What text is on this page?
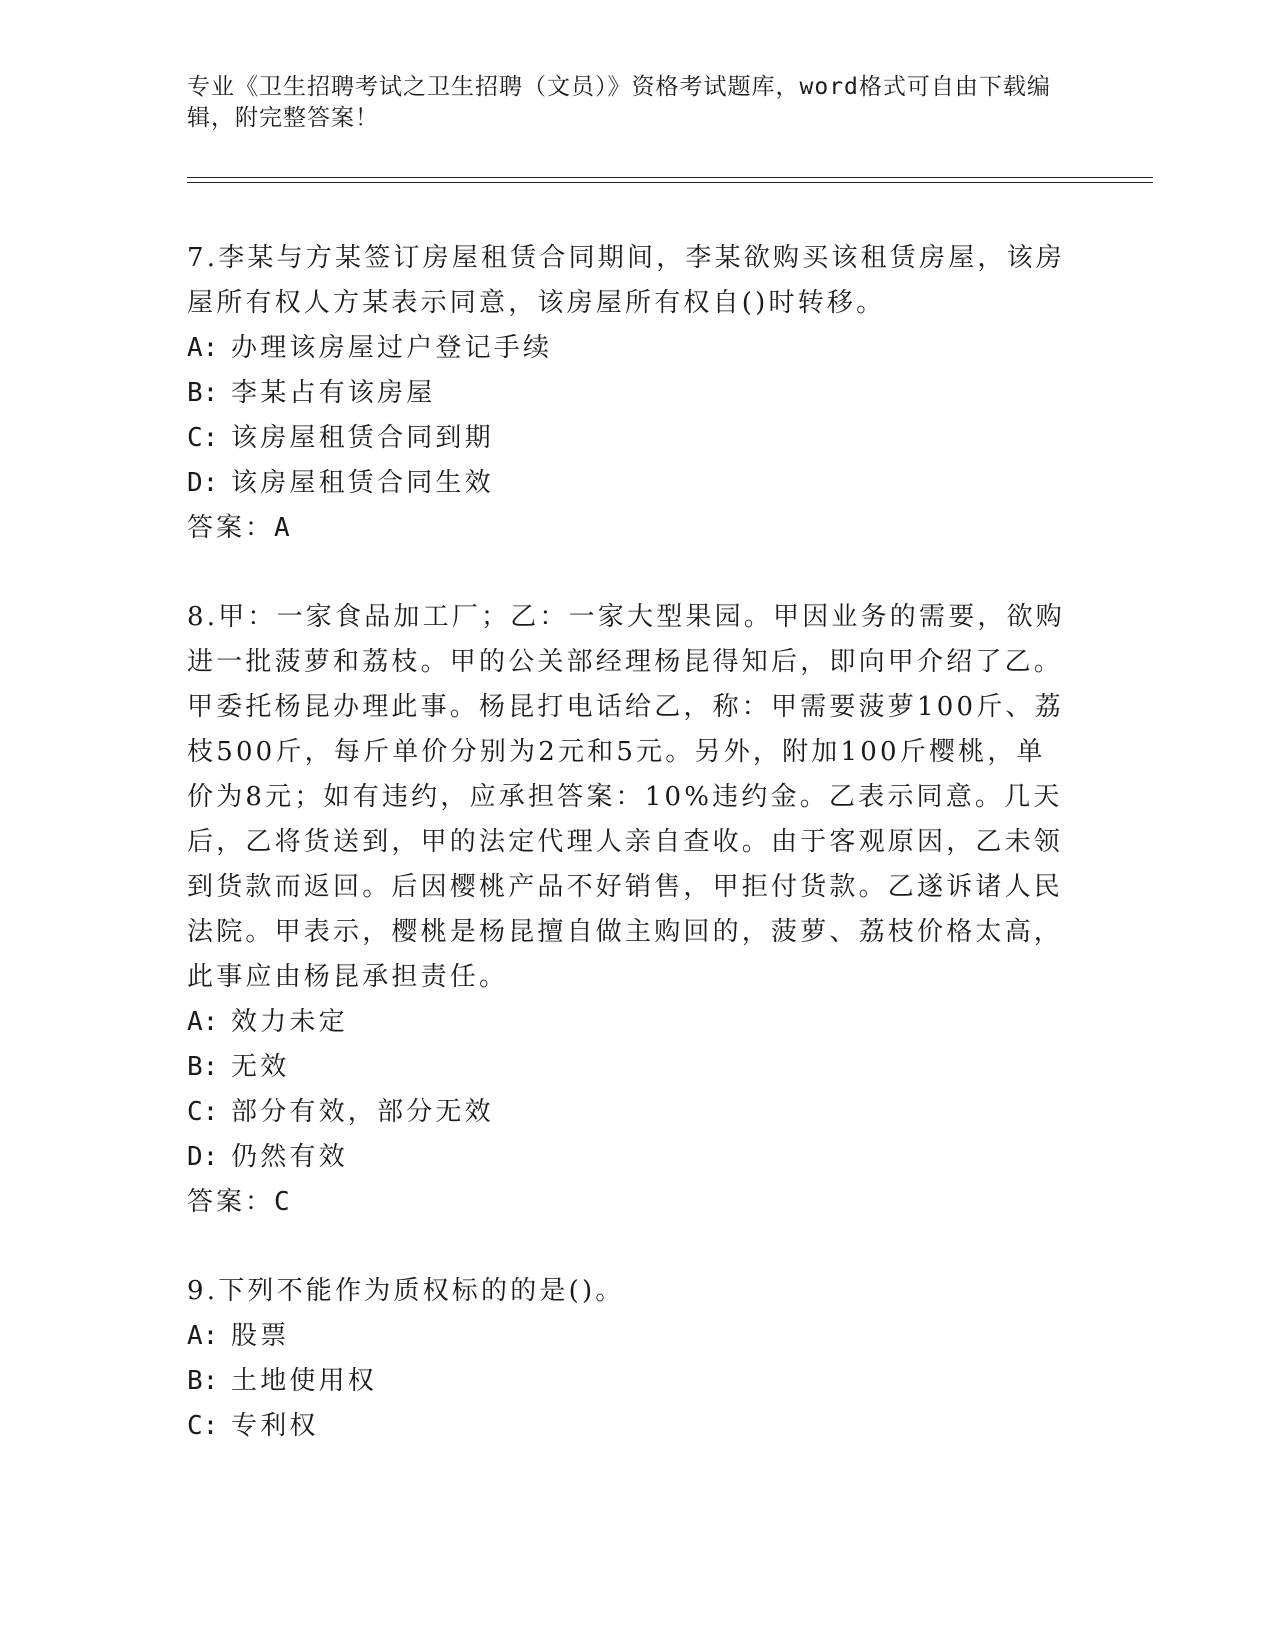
专业《卫生招聘考试之卫生招聘（文员）》资格考试题库，word格式可自由下载编辑，附完整答案！

7.李某与方某签订房屋租赁合同期间，李某欲购买该租赁房屋，该房屋所有权人方某表示同意，该房屋所有权自()时转移。

A: 办理该房屋过户登记手续

B: 李某占有该房屋

C: 该房屋租赁合同到期

D: 该房屋租赁合同生效

答案：A

8.甲：一家食品加工厂；乙：一家大型果园。甲因业务的需要，欲购进一批菠萝和荔枝。甲的公关部经理杨昆得知后，即向甲介绍了乙。甲委托杨昆办理此事。杨昆打电话给乙，称：甲需要菠萝100斤、荔枝500斤，每斤单价分别为2元和5元。另外，附加100斤樱桃，单价为8元；如有违约，应承担答案：10%违约金。乙表示同意。几天后，乙将货送到，甲的法定代理人亲自查收。由于客观原因，乙未领到货款而返回。后因樱桃产品不好销售，甲拒付货款。乙遂诉诸人民法院。甲表示，樱桃是杨昆擅自做主购回的，菠萝、荔枝价格太高，此事应由杨昆承担责任。

A: 效力未定

B: 无效

C: 部分有效，部分无效

D: 仍然有效

答案：C

9.下列不能作为质权标的的是()。

A: 股票

B: 土地使用权

C: 专利权
